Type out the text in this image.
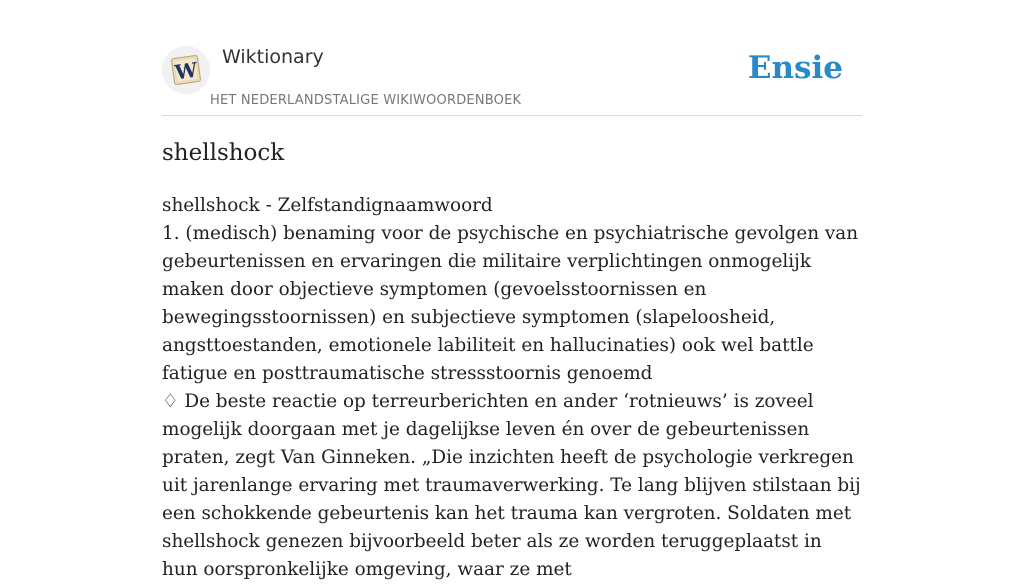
W
Wiktionary
HET NEDERLANDSTALIGE WIKIWOORDENBOEK
Ensie
shellshock

shellshock - Zelfstandignaamwoord

1. (medisch) benaming voor de psychische en psychiatrische gevolgen van gebeurtenissen en ervaringen die militaire verplichtingen onmogelijk maken door objectieve symptomen (gevoelsstoornissen en bewegingsstoornissen) en subjectieve symptomen (slapeloosheid, angsttoestanden, emotionele labiliteit en hallucinaties) ook wel battle fatigue en posttraumatische stressstoornis genoemd

♢ De beste reactie op terreurberichten en ander ‘rotnieuws’ is zoveel mogelijk doorgaan met je dagelijkse leven én over de gebeurtenissen praten, zegt Van Ginneken. „Die inzichten heeft de psychologie verkregen uit jarenlange ervaring met traumaverwerking. Te lang blijven stilstaan bij een schokkende gebeurtenis kan het trauma kan vergroten. Soldaten met shellshock genezen bijvoorbeeld beter als ze worden teruggeplaatst in hun oorspronkelijke omgeving, waar ze met
